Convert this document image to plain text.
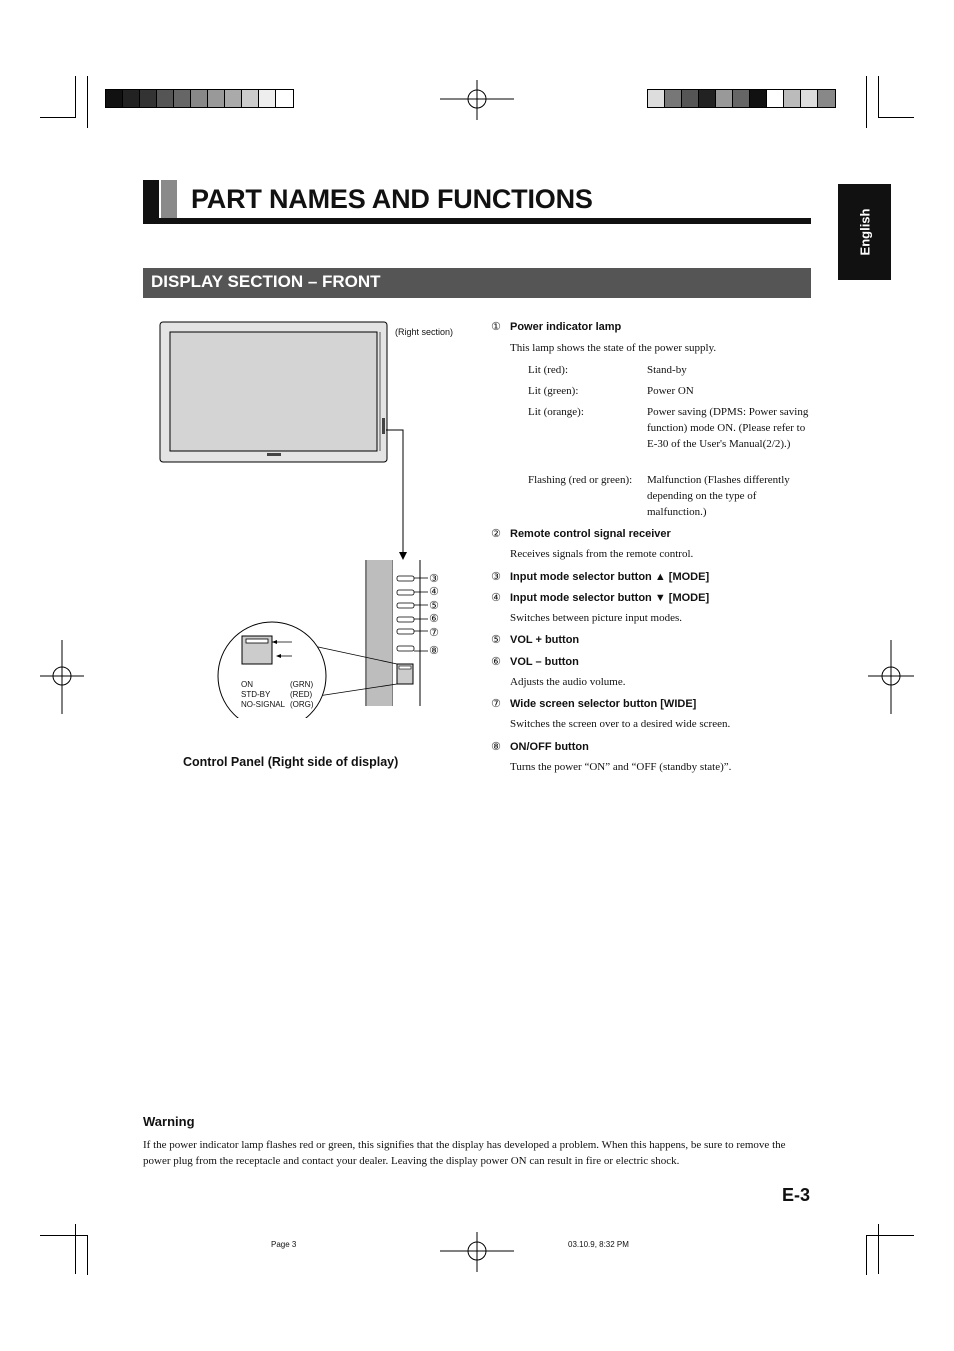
PART NAMES AND FUNCTIONS
English
DISPLAY SECTION – FRONT
(Right section)
ON
STD-BY
NO-SIGNAL
(GRN)
(RED)
(ORG)
③
④
⑤
⑥
⑦
⑧
Control Panel (Right side of display)
① Power indicator lamp
This lamp shows the state of the power supply.
Lit (red):	Stand-by
Lit (green):	Power ON
Lit (orange):	Power saving (DPMS: Power saving function) mode ON. (Please refer to E-30 of the User's Manual(2/2).)
Flashing (red or green): Malfunction (Flashes differently depending on the type of malfunction.)
② Remote control signal receiver
Receives signals from the remote control.
③ Input mode selector button ▲ [MODE]
④ Input mode selector button ▼ [MODE]
Switches between picture input modes.
⑤ VOL + button
⑥ VOL – button
Adjusts the audio volume.
⑦ Wide screen selector button [WIDE]
Switches the screen over to a desired wide screen.
⑧ ON/OFF button
Turns the power “ON” and “OFF (standby state)”.
Warning
If the power indicator lamp flashes red or green, this signifies that the display has developed a problem. When this happens, be sure to remove the power plug from the receptacle and contact your dealer. Leaving the display power ON can result in fire or electric shock.
E-3
Page 3	03.10.9, 8:32 PM
